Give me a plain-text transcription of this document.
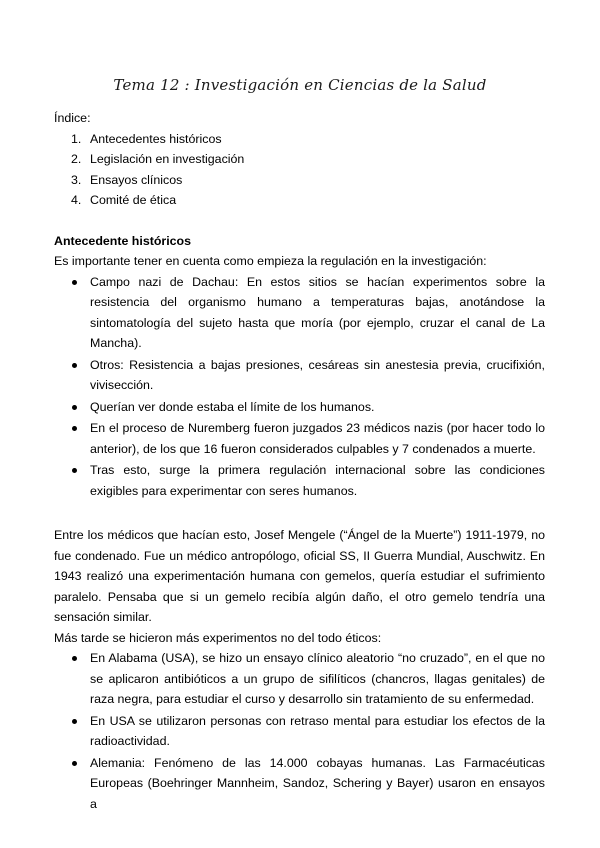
Tema 12 : Investigación en Ciencias de la Salud

Índice:

1. Antecedentes históricos
2. Legislación en investigación
3. Ensayos clínicos
4. Comité de ética

Antecedente históricos

Es importante tener en cuenta como empieza la regulación en la investigación:

Campo nazi de Dachau: En estos sitios se hacían experimentos sobre la resistencia del organismo humano a temperaturas bajas, anotándose la sintomatología del sujeto hasta que moría (por ejemplo, cruzar el canal de La Mancha).
Otros: Resistencia a bajas presiones, cesáreas sin anestesia previa, crucifixión, vivisección.
Querían ver donde estaba el límite de los humanos.
En el proceso de Nuremberg fueron juzgados 23 médicos nazis (por hacer todo lo anterior), de los que 16 fueron considerados culpables y 7 condenados a muerte.
Tras esto, surge la primera regulación internacional sobre las condiciones exigibles para experimentar con seres humanos.

Entre los médicos que hacían esto, Josef Mengele (“Ángel de la Muerte”) 1911-1979, no fue condenado. Fue un médico antropólogo, oficial SS, II Guerra Mundial, Auschwitz. En 1943 realizó una experimentación humana con gemelos, quería estudiar el sufrimiento paralelo. Pensaba que si un gemelo recibía algún daño, el otro gemelo tendría una sensación similar.

Más tarde se hicieron más experimentos no del todo éticos:

En Alabama (USA), se hizo un ensayo clínico aleatorio “no cruzado”, en el que no se aplicaron antibióticos a un grupo de sifilíticos (chancros, llagas genitales) de raza negra, para estudiar el curso y desarrollo sin tratamiento de su enfermedad.
En USA se utilizaron personas con retraso mental para estudiar los efectos de la radioactividad.
Alemania: Fenómeno de las 14.000 cobayas humanas. Las Farmacéuticas Europeas (Boehringer Mannheim, Sandoz, Schering y Bayer) usaron en ensayos a
